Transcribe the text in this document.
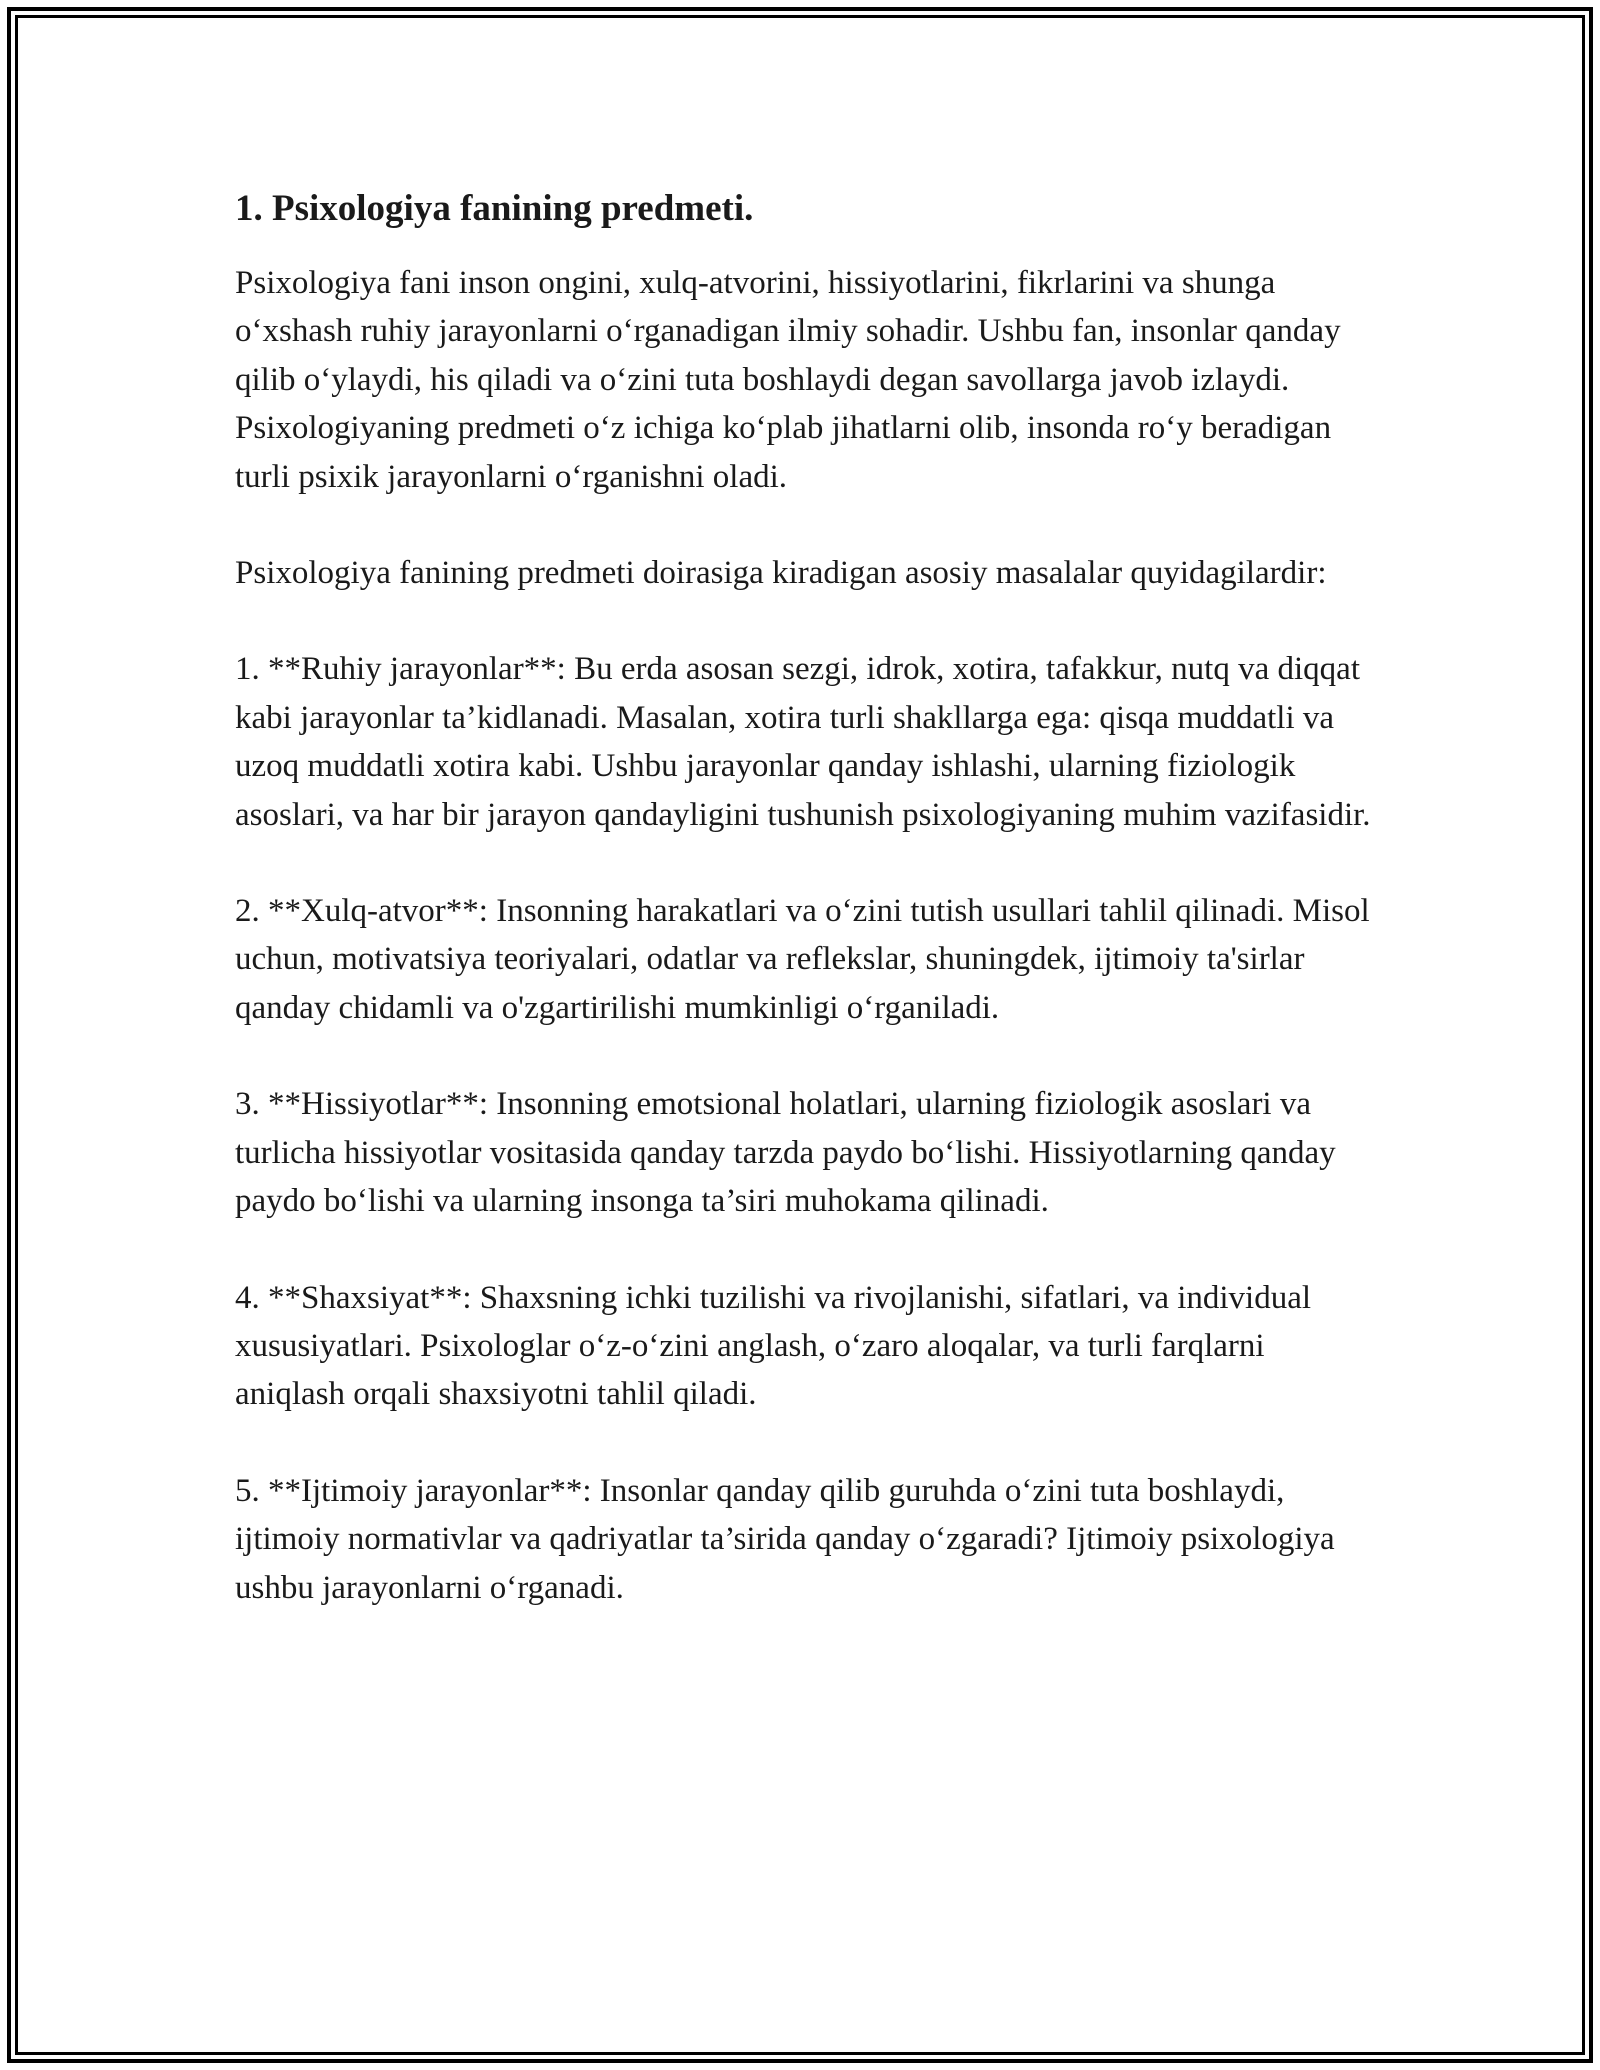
1. Psixologiya fanining predmeti.

Psixologiya fani inson ongini, xulq-atvorini, hissiyotlarini, fikrlarini va shunga o‘xshash ruhiy jarayonlarni o‘rganadigan ilmiy sohadir. Ushbu fan, insonlar qanday qilib o‘ylaydi, his qiladi va o‘zini tuta boshlaydi degan savollarga javob izlaydi. Psixologiyaning predmeti o‘z ichiga ko‘plab jihatlarni olib, insonda ro‘y beradigan turli psixik jarayonlarni o‘rganishni oladi.

Psixologiya fanining predmeti doirasiga kiradigan asosiy masalalar quyidagilardir:

1. **Ruhiy jarayonlar**: Bu erda asosan sezgi, idrok, xotira, tafakkur, nutq va diqqat kabi jarayonlar ta’kidlanadi. Masalan, xotira turli shakllarga ega: qisqa muddatli va uzoq muddatli xotira kabi. Ushbu jarayonlar qanday ishlashi, ularning fiziologik asoslari, va har bir jarayon qandayligini tushunish psixologiyaning muhim vazifasidir.

2. **Xulq-atvor**: Insonning harakatlari va o‘zini tutish usullari tahlil qilinadi. Misol uchun, motivatsiya teoriyalari, odatlar va reflekslar, shuningdek, ijtimoiy ta'sirlar qanday chidamli va o'zgartirilishi mumkinligi o‘rganiladi.

3. **Hissiyotlar**: Insonning emotsional holatlari, ularning fiziologik asoslari va turlicha hissiyotlar vositasida qanday tarzda paydo bo‘lishi. Hissiyotlarning qanday paydo bo‘lishi va ularning insonga ta’siri muhokama qilinadi.

4. **Shaxsiyat**: Shaxsning ichki tuzilishi va rivojlanishi, sifatlari, va individual xususiyatlari. Psixologlar o‘z-o‘zini anglash, o‘zaro aloqalar, va turli farqlarni aniqlash orqali shaxsiyotni tahlil qiladi.

5. **Ijtimoiy jarayonlar**: Insonlar qanday qilib guruhda o‘zini tuta boshlaydi, ijtimoiy normativlar va qadriyatlar ta’sirida qanday o‘zgaradi? Ijtimoiy psixologiya ushbu jarayonlarni o‘rganadi.
